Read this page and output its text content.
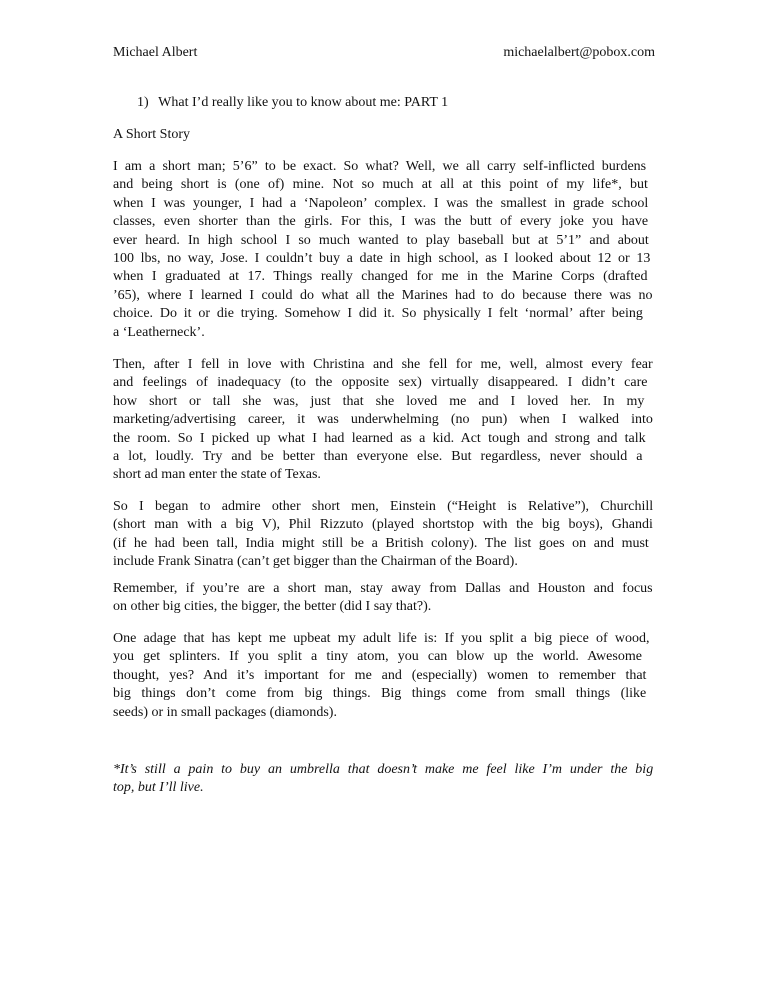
Michael Albert	michaelalbert@pobox.com
1) What I’d really like you to know about me: PART 1
A Short Story
I am a short man; 5’6” to be exact. So what? Well, we all carry self-inflicted burdens
and being short is (one of) mine. Not so much at all at this point of my life*, but
when I was younger, I had a ‘Napoleon’ complex. I was the smallest in grade school
classes, even shorter than the girls. For this, I was the butt of every joke you have
ever heard. In high school I so much wanted to play baseball but at 5’1” and about
100 lbs, no way, Jose. I couldn’t buy a date in high school, as I looked about 12 or 13
when I graduated at 17. Things really changed for me in the Marine Corps (drafted
’65), where I learned I could do what all the Marines had to do because there was no
choice. Do it or die trying. Somehow I did it. So physically I felt ‘normal’ after being
a ‘Leatherneck’.
Then, after I fell in love with Christina and she fell for me, well, almost every fear
and feelings of inadequacy (to the opposite sex) virtually disappeared. I didn’t care
how short or tall she was, just that she loved me and I loved her. In my
marketing/advertising career, it was underwhelming (no pun) when I walked into
the room. So I picked up what I had learned as a kid. Act tough and strong and talk
a lot, loudly. Try and be better than everyone else. But regardless, never should a
short ad man enter the state of Texas.
So I began to admire other short men, Einstein (“Height is Relative”), Churchill
(short man with a big V), Phil Rizzuto (played shortstop with the big boys), Ghandi
(if he had been tall, India might still be a British colony). The list goes on and must
include Frank Sinatra (can’t get bigger than the Chairman of the Board).
Remember, if you’re are a short man, stay away from Dallas and Houston and focus
on other big cities, the bigger, the better (did I say that?).
One adage that has kept me upbeat my adult life is: If you split a big piece of wood,
you get splinters. If you split a tiny atom, you can blow up the world. Awesome
thought, yes? And it’s important for me and (especially) women to remember that
big things don’t come from big things. Big things come from small things (like
seeds) or in small packages (diamonds).
*It’s still a pain to buy an umbrella that doesn’t make me feel like I’m under the big
top, but I’ll live.
